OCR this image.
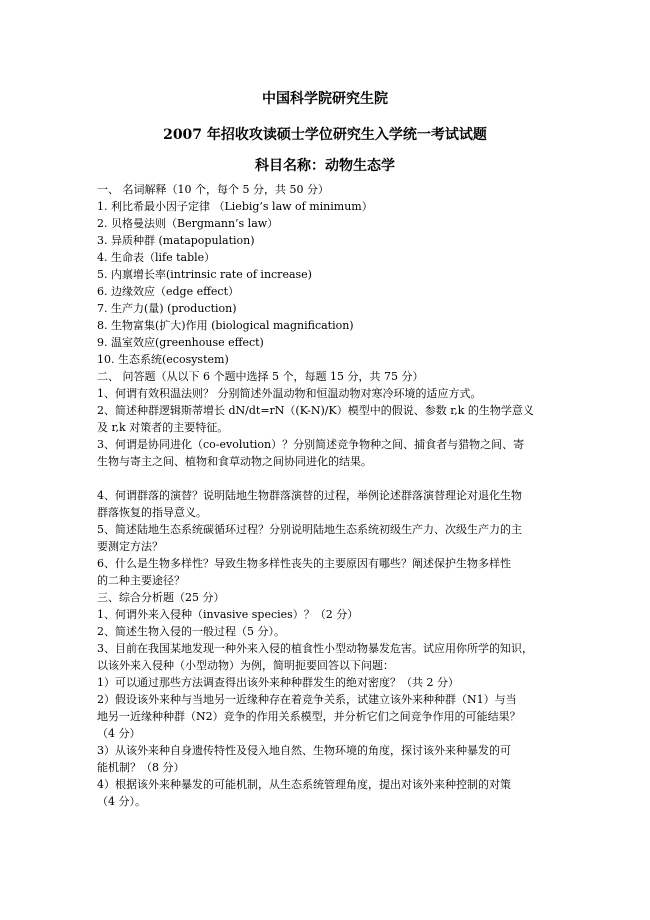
中国科学院研究生院
2007 年招收攻读硕士学位研究生入学统一考试试题
科目名称：动物生态学
一、 名词解释（10 个，每个 5 分，共 50 分）
1. 利比希最小因子定律 （Liebig’s law of minimum）
2. 贝格曼法则（Bergmann’s law）
3. 异质种群 (matapopulation)
4. 生命表（life table）
5. 内禀增长率(intrinsic rate of increase)
6. 边缘效应（edge effect）
7. 生产力(量) (production)
8. 生物富集(扩大)作用 (biological magnification)
9. 温室效应(greenhouse effect)
10. 生态系统(ecosystem)
二、 问答题（从以下 6 个题中选择 5 个，每题 15 分，共 75 分）
1、何谓有效积温法则？ 分别简述外温动物和恒温动物对寒冷环境的适应方式。
2、简述种群逻辑斯蒂增长 dN/dt=rN（(K-N)/K）模型中的假说、参数 r,k 的生物学意义
及 r,k 对策者的主要特征。
3、何谓是协同进化（co-evolution）？分别简述竞争物种之间、捕食者与猎物之间、寄
生物与寄主之间、植物和食草动物之间协同进化的结果。
4、何谓群落的演替？说明陆地生物群落演替的过程，举例论述群落演替理论对退化生物
群落恢复的指导意义。
5、简述陆地生态系统碳循环过程？分别说明陆地生态系统初级生产力、次级生产力的主
要测定方法？
6、什么是生物多样性？导致生物多样性丧失的主要原因有哪些？阐述保护生物多样性
的二种主要途径？
三、综合分析题（25 分）
1、何谓外来入侵种（invasive species）？（2 分）
2、简述生物入侵的一般过程（5 分）。
3、目前在我国某地发现一种外来入侵的植食性小型动物暴发危害。试应用你所学的知识，
以该外来入侵种（小型动物）为例，简明扼要回答以下问题：
1）可以通过那些方法调查得出该外来种种群发生的绝对密度？（共 2 分）
2）假设该外来种与当地另一近缘种存在着竞争关系，试建立该外来种种群（N1）与当
地另一近缘种种群（N2）竞争的作用关系模型，并分析它们之间竞争作用的可能结果？
（4 分）
3）从该外来种自身遗传特性及侵入地自然、生物环境的角度，探讨该外来种暴发的可
能机制？（8 分）
4）根据该外来种暴发的可能机制，从生态系统管理角度，提出对该外来种控制的对策
（4 分）。
